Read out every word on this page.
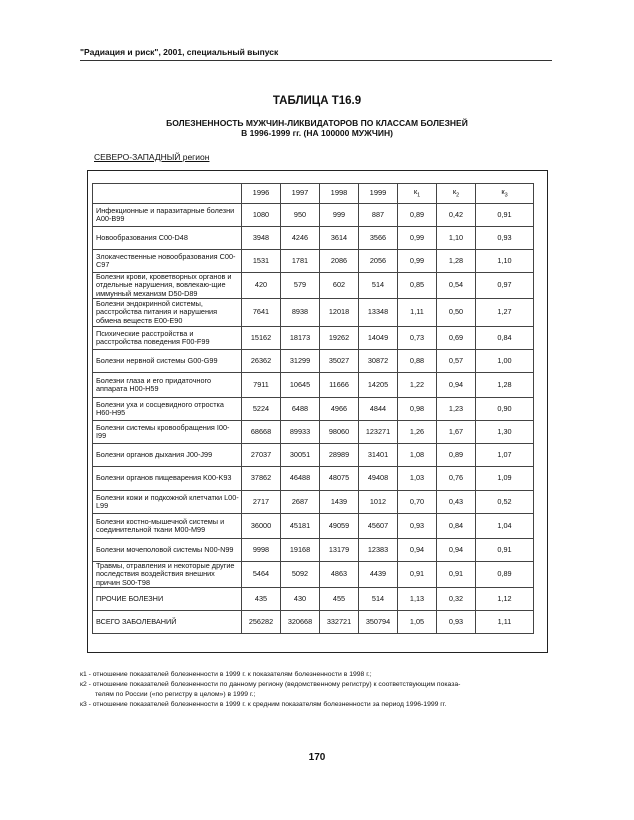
"Радиация и риск", 2001, специальный выпуск
ТАБЛИЦА Т16.9
БОЛЕЗНЕННОСТЬ МУЖЧИН-ЛИКВИДАТОРОВ ПО КЛАССАМ БОЛЕЗНЕЙ
В 1996-1999 гг. (НА 100000 МУЖЧИН)
СЕВЕРО-ЗАПАДНЫЙ регион
	1996	1997	1998	1999	$к_1$	$к_2$	$к_3$
Инфекционные и паразитарные болезни A00-B99	1080	950	999	887	0,89	0,42	0,91
Новообразования C00-D48	3948	4246	3614	3566	0,99	1,10	0,93
Злокачественные новообразования C00-C97	1531	1781	2086	2056	0,99	1,28	1,10
Болезни крови, кроветворных органов и отдельные нарушения, вовлекаю-щие иммунный механизм D50-D89	420	579	602	514	0,85	0,54	0,97
Болезни эндокринной системы, расстройства питания и нарушения обмена веществ E00-E90	7641	8938	12018	13348	1,11	0,50	1,27
Психические расстройства и расстройства поведения F00-F99	15162	18173	19262	14049	0,73	0,69	0,84
Болезни нервной системы G00-G99	26362	31299	35027	30872	0,88	0,57	1,00
Болезни глаза и его придаточного аппарата H00-H59	7911	10645	11666	14205	1,22	0,94	1,28
Болезни уха и сосцевидного отростка H60-H95	5224	6488	4966	4844	0,98	1,23	0,90
Болезни системы кровообращения I00-I99	68668	89933	98060	123271	1,26	1,67	1,30
Болезни органов дыхания J00-J99	27037	30051	28989	31401	1,08	0,89	1,07
Болезни органов пищеварения K00-K93	37862	46488	48075	49408	1,03	0,76	1,09
Болезни кожи и подкожной клетчатки L00-L99	2717	2687	1439	1012	0,70	0,43	0,52
Болезни костно-мышечной системы и соединительной ткани M00-M99	36000	45181	49059	45607	0,93	0,84	1,04
Болезни мочеполовой системы N00-N99	9998	19168	13179	12383	0,94	0,94	0,91
Травмы, отравления и некоторые другие последствия воздействия внешних причин S00-T98	5464	5092	4863	4439	0,91	0,91	0,89
ПРОЧИЕ БОЛЕЗНИ	435	430	455	514	1,13	0,32	1,12
ВСЕГО ЗАБОЛЕВАНИЙ	256282	320668	332721	350794	1,05	0,93	1,11

к1 - отношение показателей болезненности в 1999 г. к показателям болезненности в 1998 г.;

к2 - отношение показателей болезненности по данному региону (ведомственному регистру) к соответствующим показа-

телям по России («по регистру в целом») в 1999 г.;

к3 - отношение показателей болезненности в 1999 г. к средним показателям болезненности за период 1996-1999 гг.

170
